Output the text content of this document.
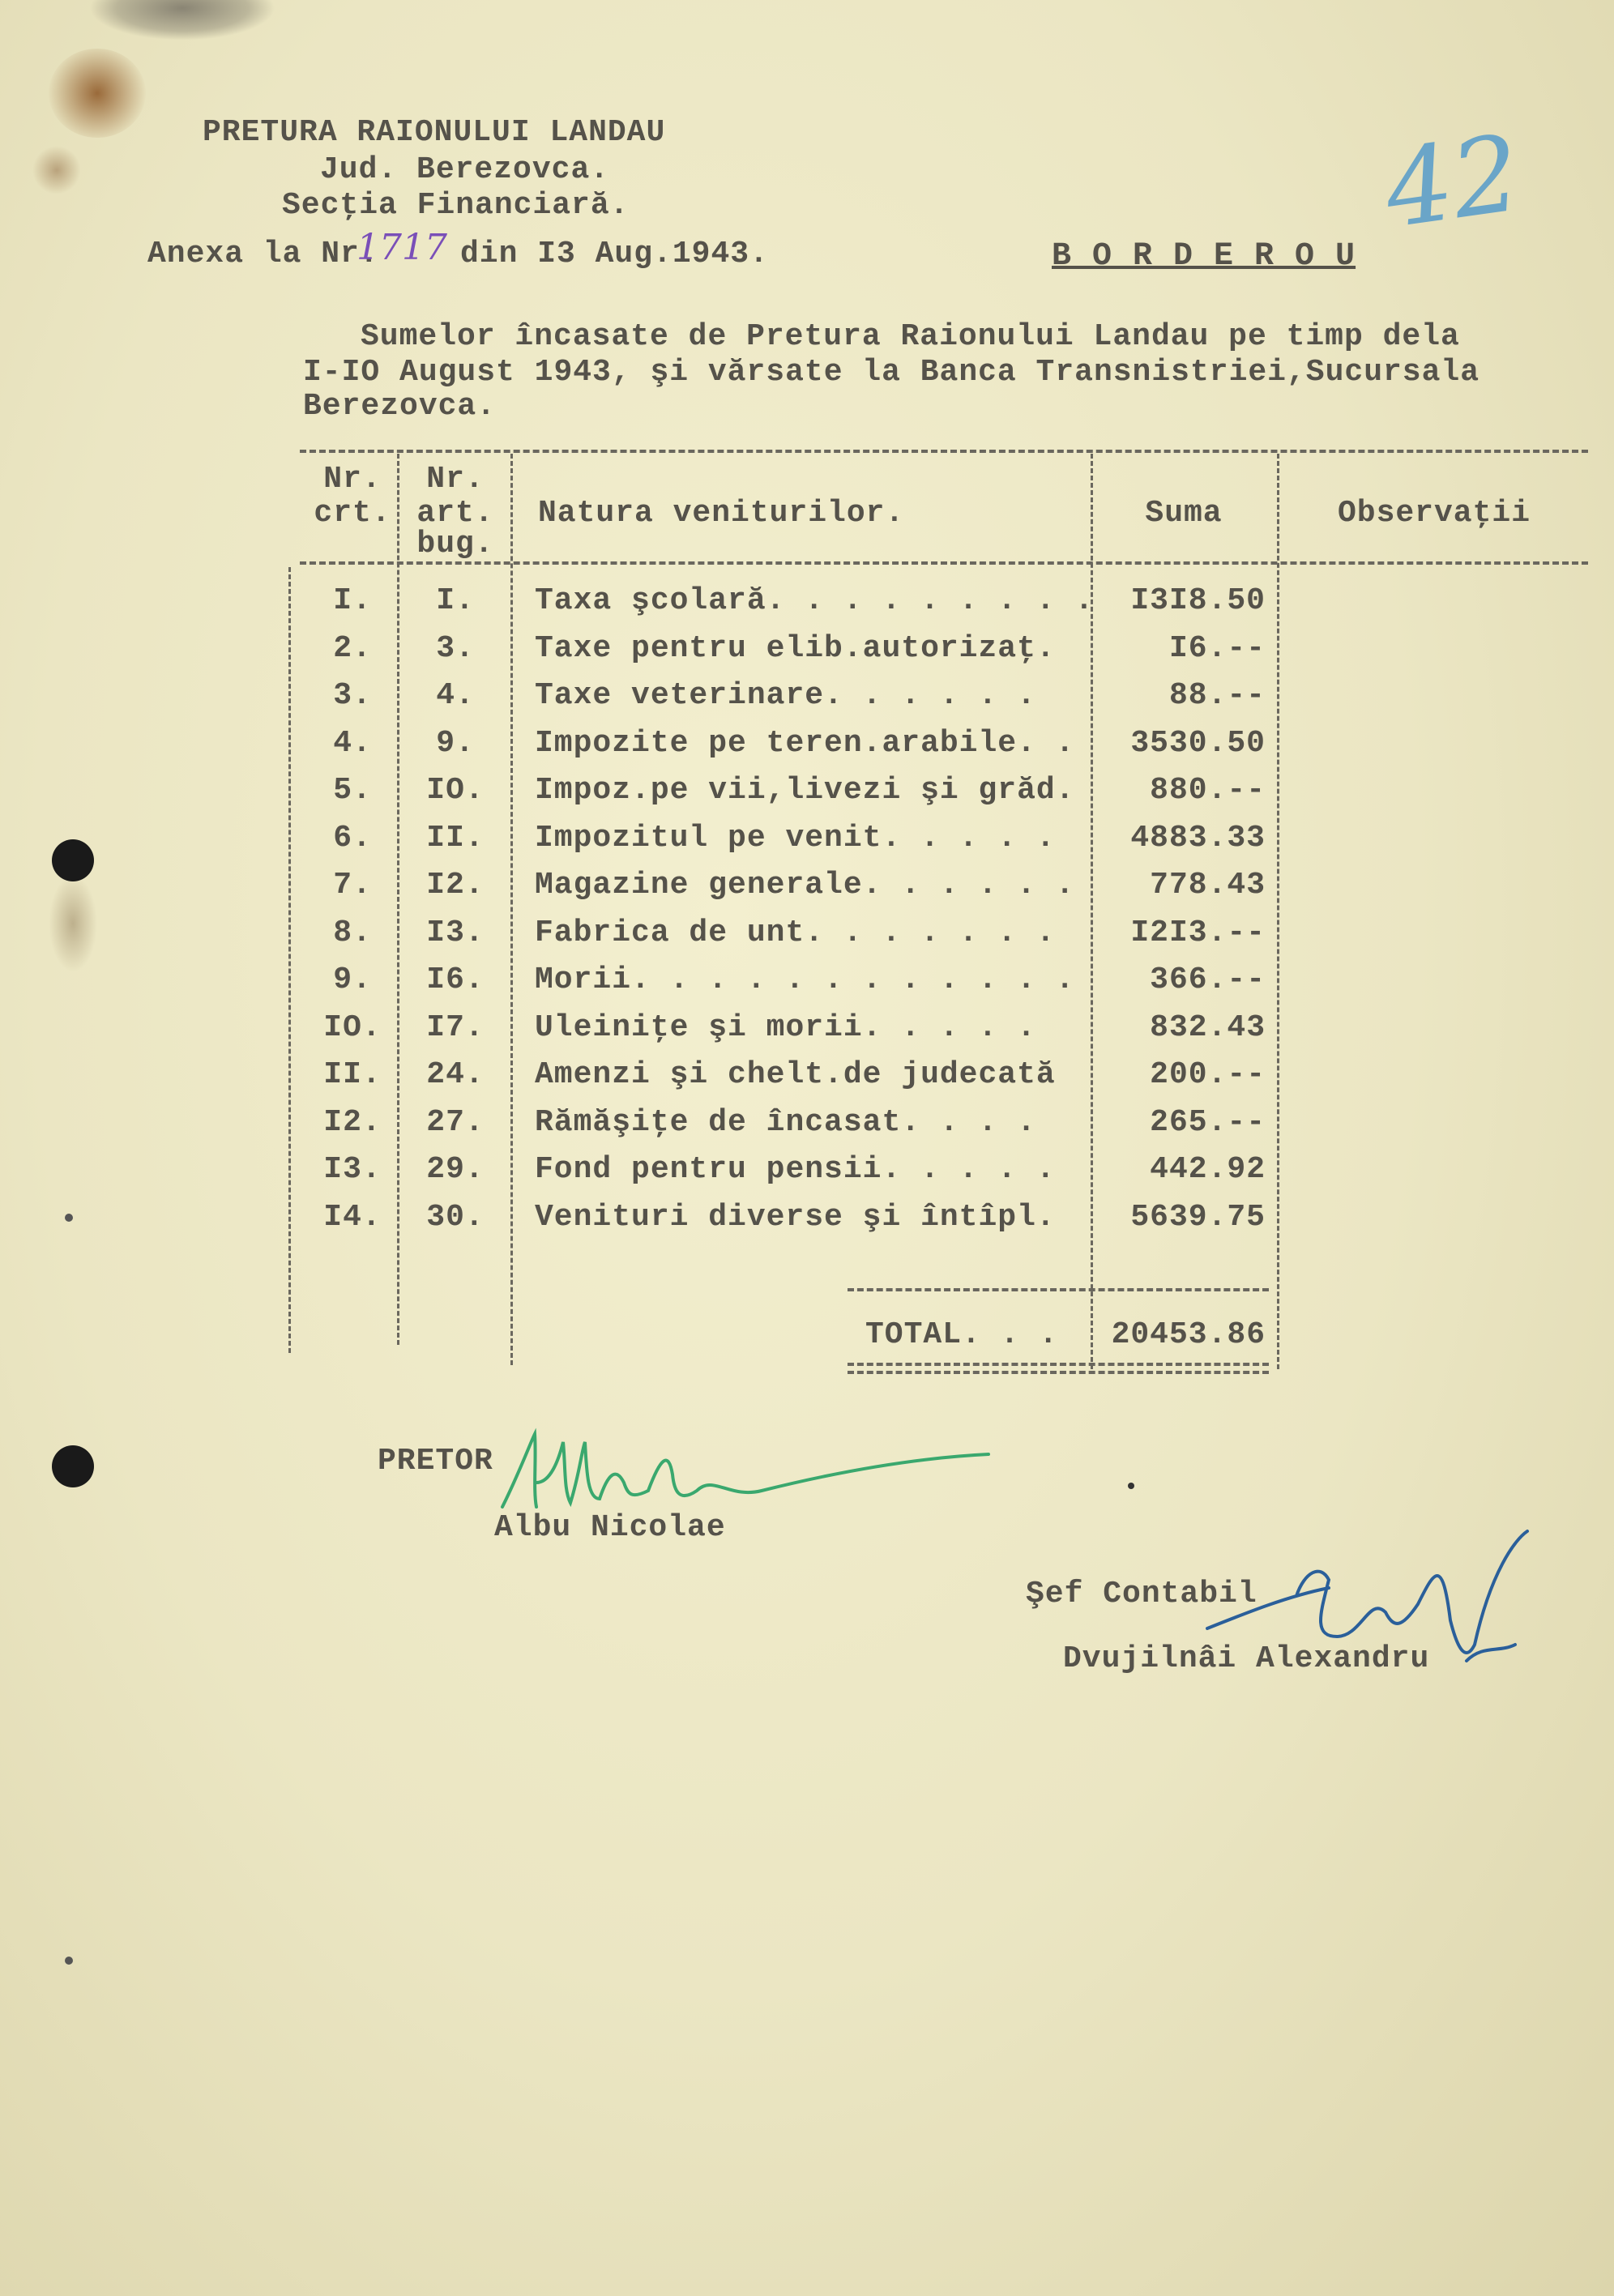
PRETURA RAIONULUI LANDAU
Jud. Berezovca.
Secţia Financiară.
Anexa la Nr.
1717 din I3 Aug.1943.	B O R D E R O U
42
Sumelor încasate de Pretura Raionului Landau pe timp dela
I-IO August 1943, şi vărsate la Banca Transnistriei,Sucursala
Berezovca.
Nr.
crt.
Nr.
art.
bug.
Natura veniturilor.	Suma	Observaţii
I.	I.	Taxa şcolară. . . . . . . . .	I3I8.50
2.	3.	Taxe pentru elib.autorizaţ.	I6.--
3.	4.	Taxe veterinare. . . . . .	88.--
4.	9.	Impozite pe teren.arabile. .	3530.50
5.	IO.	Impoz.pe vii,livezi şi grăd.	880.--
6.	II.	Impozitul pe venit. . . . .	4883.33
7.	I2.	Magazine generale. . . . . .	778.43
8.	I3.	Fabrica de unt. . . . . . .	I2I3.--
9.	I6.	Morii. . . . . . . . . . . .	366.--
IO.	I7.	Uleiniţe şi morii. . . . .	832.43
II.	24.	Amenzi şi chelt.de judecată	200.--
I2.	27.	Rămăşiţe de încasat. . . .	265.--
I3.	29.	Fond pentru pensii. . . . .	442.92
I4.	30.	Venituri diverse şi întîpl.	5639.75
TOTAL. . .	20453.86
PRETOR
Albu Nicolae
Şef Contabil
Dvujilnâi Alexandru
